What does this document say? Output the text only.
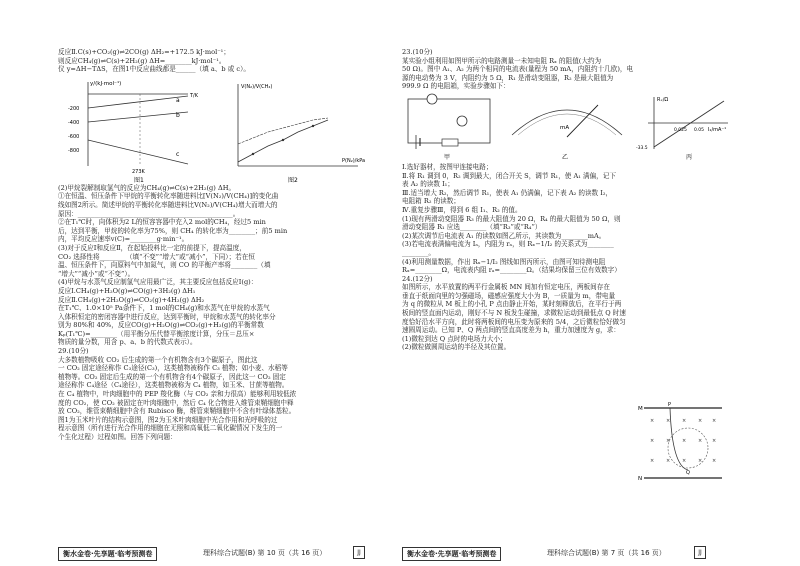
反应Ⅱ.C(s)+CO₂(g)⇌2CO(g) ΔH₂=+172.5 kJ·mol⁻¹；
则反应CH₄(g)⇌C(s)+2H₂(g) ΔH=________kJ·mol⁻¹。
仪 y=ΔH−TΔS，在图1中反应曲线都是______（填 a、b 或 c）。
y/(kJ·mol⁻¹)
-200
-400
-600
-800
a
b
c
T/K
273K
图1
V(N₂)/V(CH₄)
P(N₂)/kPa
图2
(2)甲烷裂解制取氢气的反应为CH₄(g)⇌C(s)+2H₂(g) ΔH。
①在恒温、恒压条件下甲烷的平衡转化率随进料比[V(N₂)/V(CH₄)]的变化曲
线如图2所示。简述甲烷的平衡转化率随进料比V(N₂)/V(CH₄)增大而增大的
原因：_______________________________________________。
②在T₁℃时，向体积为2 L的恒容容器中充入2 mol的CH₄，经过5 min
后，达到平衡，甲烷的转化率为75%，则 CH₄ 的转化率为________；前5 min
内，平均反应速率v(C)=________g·min⁻¹。
(3)对于反应Ⅰ和反应Ⅱ，在起始投料比一定的前提下，提高温度，
CO₂ 选择性将________（填“不变”“增大”或“减小”，下同）；若在恒
温、恒压条件下，向原料气中加氮气，则 CO 的平衡产率将________（填
“增大”“减小”或“不变”）。
(4)甲烷与水蒸气反应制氢气应用最广泛，其主要反应包括反应Ⅰ(g)：
反应Ⅰ.CH₄(g)+H₂O(g)⇌CO(g)+3H₂(g) ΔH₁
反应Ⅱ.CH₄(g)+2H₂O(g)⇌CO₂(g)+4H₂(g) ΔH₂
在T₁℃、1.0×10⁵ Pa条件下，1 mol的CH₄(g)和水蒸气在甲烷的水蒸气
入体积恒定的密闭容器中进行反应，达到平衡时，甲烷和水蒸气的转化率分
别为 80%和 40%，反应CO(g)+H₂O(g)⇌CO₂(g)+H₂(g)的平衡常数
Kₚ(T₁℃)=________（用平衡分压代替平衡浓度计算，分压＝总压×
物质的量分数，用含 p、a、b 的代数式表示）。
29.(10分)
大多数植物吸收 CO₂ 后生成的第一个有机物含有3个碳原子，图此这
一 CO₂ 固定途径称作 C₃途径(C₃)，这类植物被称作 C₃ 植物；如小麦、水稻等
植物等。CO₂ 固定后生成的第一个有机物含有4个碳原子，因此这一 CO₂ 固定
途径称作 C₄途径（C₄途径），这类植物被称为 C₄ 植物，如玉米、甘蔗等植物。
在 C₄ 植物中，叶肉细胞中的 PEP 羧化酶（与 CO₂ 亲和力很高）能够利用较低浓
度的 CO₂，使 CO₂ 被固定在叶肉细胞中，然后 C₄ 化合物进入维管束鞘细胞中释
放 CO₂，维管束鞘细胞中含有 Rubisco 酶，维管束鞘细胞中不含有叶绿体基粒。
图1为玉米叶片的结构示意图，图2为玉米叶肉细胞中光合作用和光呼吸的过
程示意图（所有进行光合作用的细胞在无照和高氧低二氧化碳情况下发生的一
个生化过程）过程如图。回答下列问题：
衡水金卷·先享题·临考预测卷	理科综合试题(B) 第 10 页（共 16 页）	JJ
23.(10分)
某实验小组利用如图甲所示的电路测量一未知电阻 Rₓ 的阻值(大约为
50 Ω)。图中 A₁、A₂ 为两个相同的电流表(量程为 50 mA，内阻约十几欧)，电
源的电动势为 3 V，内阻约为 5 Ω，R₁ 是滑动变阻器，R₂ 是最大阻值为
999.9 Ω 的电阻箱，实验步骤如下：
甲
mA
乙
Rₓ/Ω
I₂/mA⁻¹
0.025 0.05
-33.5
丙
Ⅰ.选好器材，按图甲连接电路；
Ⅱ.将 R₁ 调到 0，R₂ 调到最大，闭合开关 S，调节 R₁，使 A₁ 满偏，记下
表 A₂ 的读数 I₁；
Ⅲ.适当增大 R₂，然后调节 R₁，使表 A₁ 仍满偏，记下表 A₂ 的读数 I₂，
电阻箱 R₂ 的读数；
Ⅳ.重复步骤Ⅲ，得到 6 组 I₁、R₂ 的值。
(1)现有两滑动变阻器 R₃ 的最大阻值为 20 Ω，R₄ 的最大阻值为 50 Ω，则
滑动变阻器 R₁ 应选________（填“R₃”或“R₄”）
(2)某次调节后电流表 A₁ 的读数如图乙所示，其读数为________mA。
(3)若电流表满偏电流为 Iₐ，内阻为 rₐ，则 Rₓ−1/I₂ 的关系式为________
________。
(4)利用测量数据，作出 Rₓ−1/I₂ 图线如图丙所示，由图可知待测电阻
Rₓ=________Ω，电流表内阻 rₐ=________Ω。（结果均保留三位有效数字）
24.(12分)
如图所示，水平放置的两平行金属板 MN 间加有恒定电压，两板间存在
垂直于纸面向里的匀强磁场，磁感应强度大小为 B，一质量为 m，带电量
为 q 的微粒从 M 板上的小孔 P 点由静止开始，某时刻释放后，在平行于两
板间的竖直面内运动，刚好不与 N 板发生碰撞，求微粒运动到最低点 Q 时速
度恰好沿水平方向，此时将两板间的电压变为原来的 5/4，之后微粒恰好做匀
速圆周运动。已知 P、Q 两点间的竖直高度差为 h，重力加速度为 g，求：
(1)微粒到达 Q 点时的电场力大小；
(2)微粒做圆周运动的半径及其位置。
M
N
P
Q
× × × × ×
× × × × ×
× × × × ×
衡水金卷·先享题·临考预测卷	理科综合试题(B) 第 7 页（共 16 页）	JJ
